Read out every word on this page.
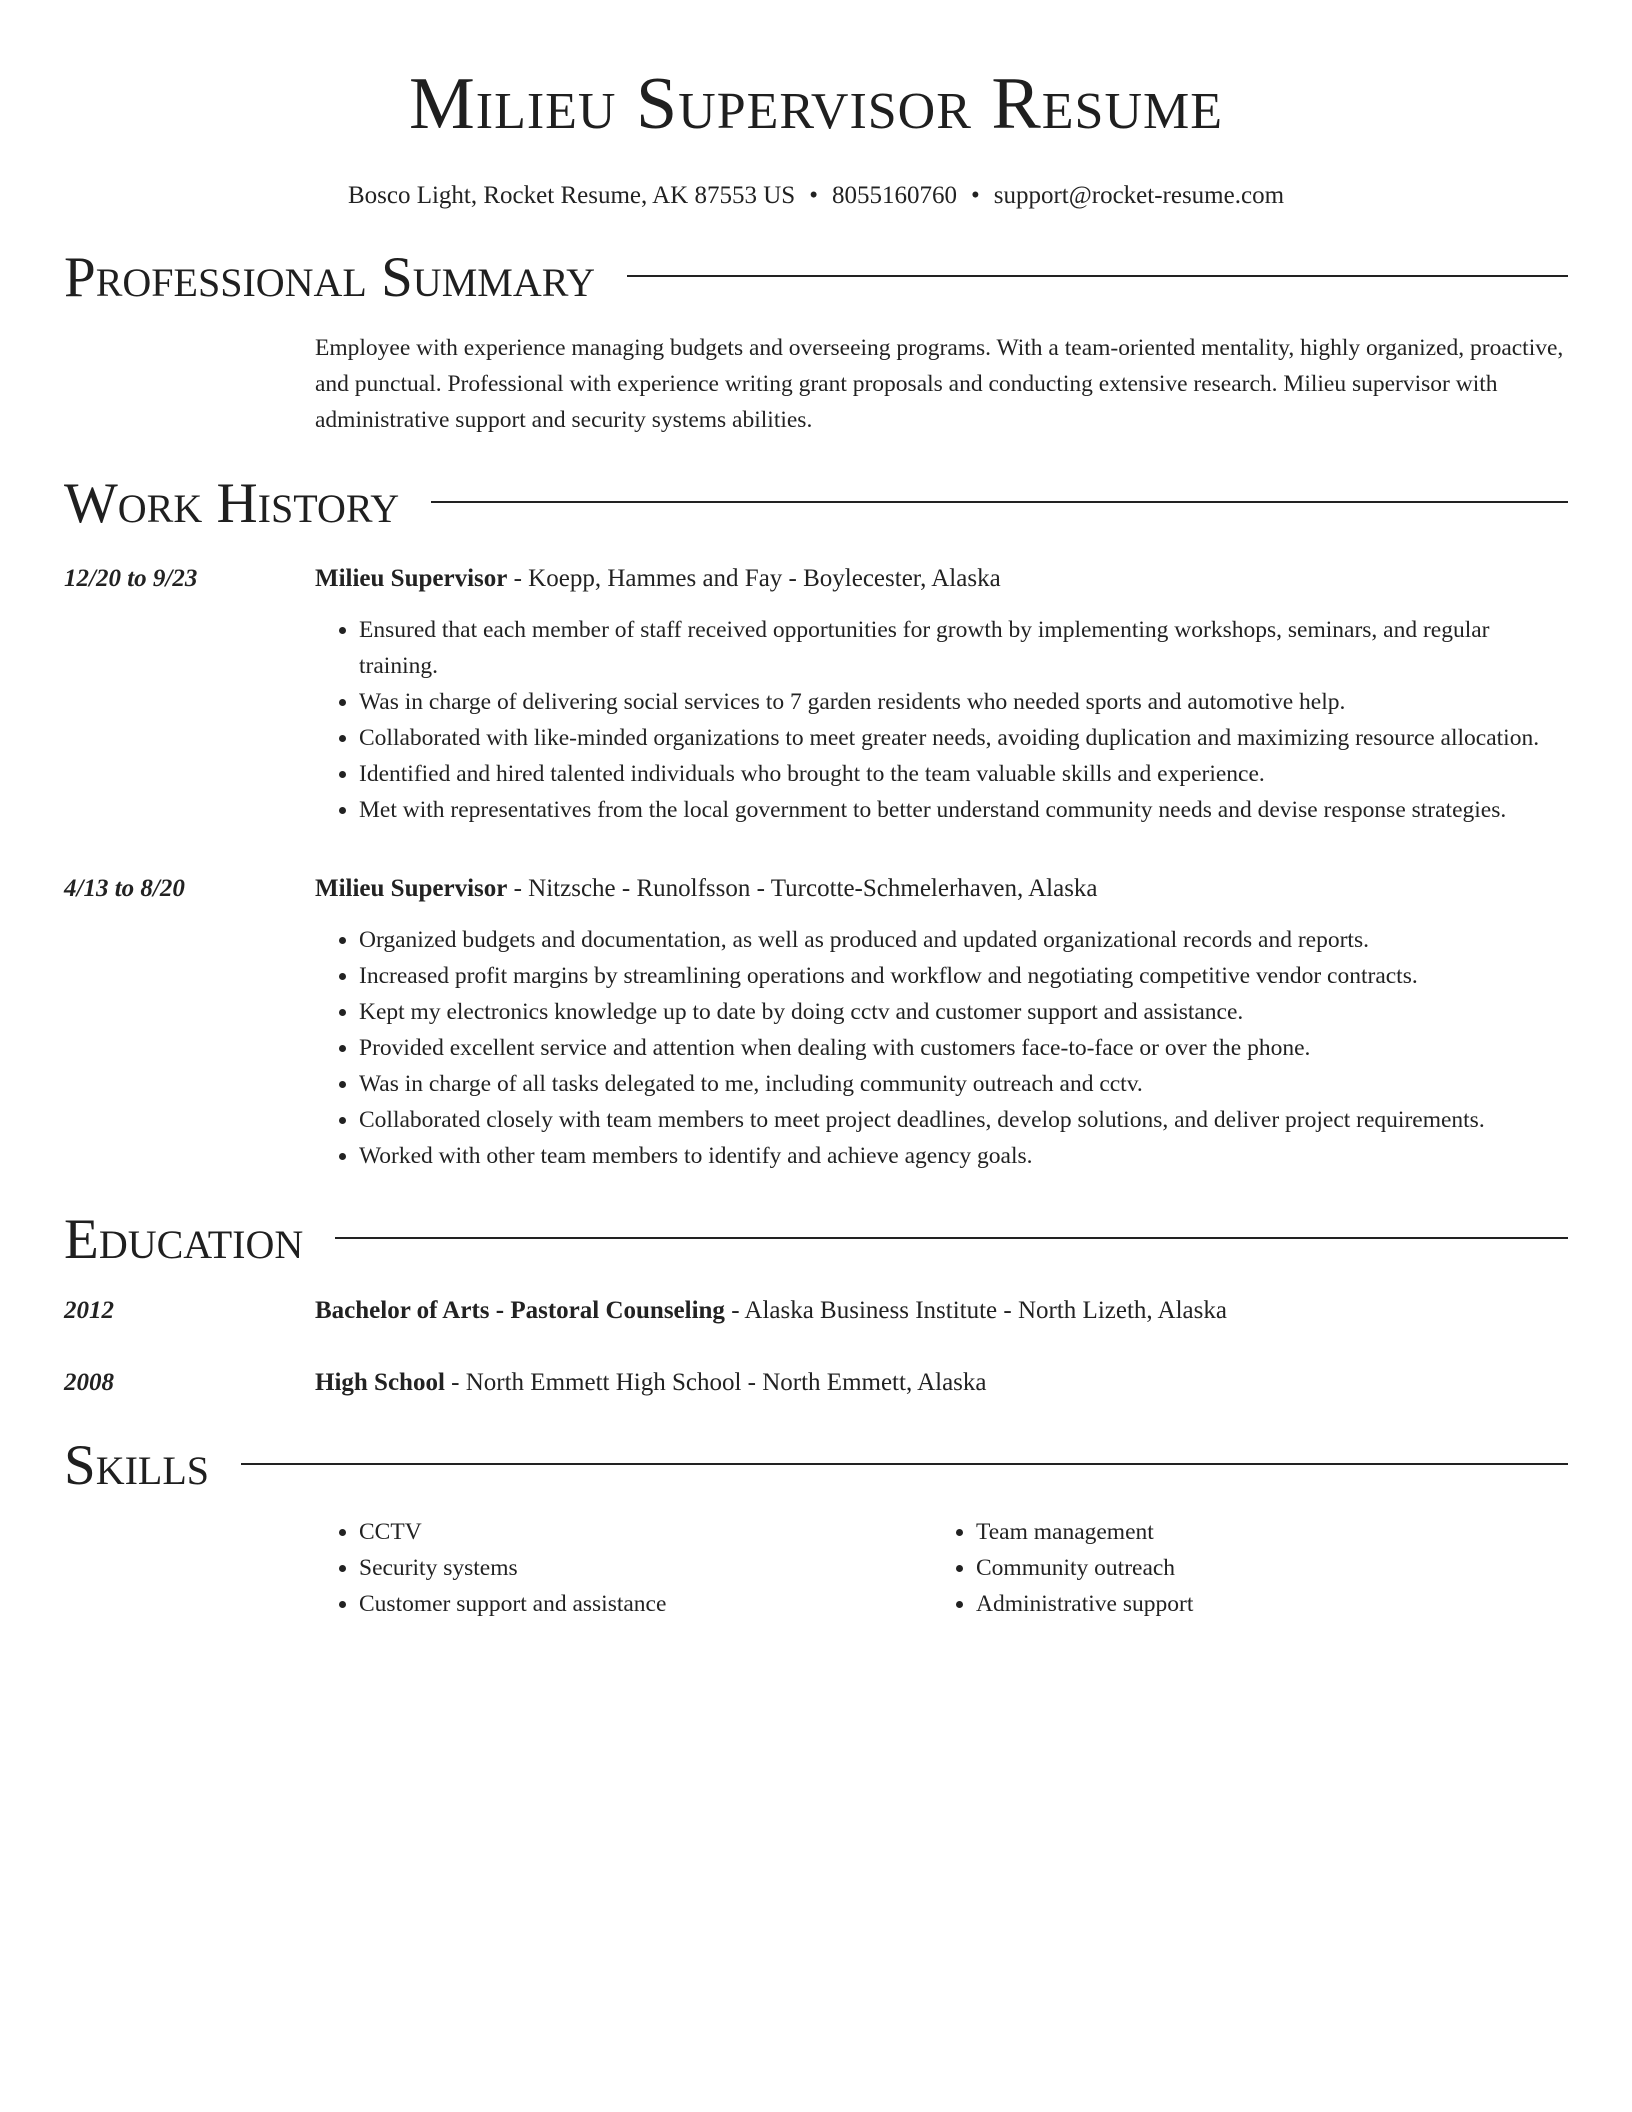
Milieu Supervisor Resume
Bosco Light, Rocket Resume, AK 87553 US • 8055160760 • support@rocket-resume.com
Professional Summary
Employee with experience managing budgets and overseeing programs. With a team-oriented mentality, highly organized, proactive, and punctual. Professional with experience writing grant proposals and conducting extensive research. Milieu supervisor with administrative support and security systems abilities.
Work History
12/20 to 9/23	Milieu Supervisor - Koepp, Hammes and Fay - Boylecester, Alaska
• Ensured that each member of staff received opportunities for growth by implementing workshops, seminars, and regular training.
• Was in charge of delivering social services to 7 garden residents who needed sports and automotive help.
• Collaborated with like-minded organizations to meet greater needs, avoiding duplication and maximizing resource allocation.
• Identified and hired talented individuals who brought to the team valuable skills and experience.
• Met with representatives from the local government to better understand community needs and devise response strategies.
4/13 to 8/20	Milieu Supervisor - Nitzsche - Runolfsson - Turcotte-Schmelerhaven, Alaska
• Organized budgets and documentation, as well as produced and updated organizational records and reports.
• Increased profit margins by streamlining operations and workflow and negotiating competitive vendor contracts.
• Kept my electronics knowledge up to date by doing cctv and customer support and assistance.
• Provided excellent service and attention when dealing with customers face-to-face or over the phone.
• Was in charge of all tasks delegated to me, including community outreach and cctv.
• Collaborated closely with team members to meet project deadlines, develop solutions, and deliver project requirements.
• Worked with other team members to identify and achieve agency goals.
Education
2012	Bachelor of Arts - Pastoral Counseling - Alaska Business Institute - North Lizeth, Alaska
2008	High School - North Emmett High School - North Emmett, Alaska
Skills
• CCTV
• Security systems
• Customer support and assistance
• Team management
• Community outreach
• Administrative support
